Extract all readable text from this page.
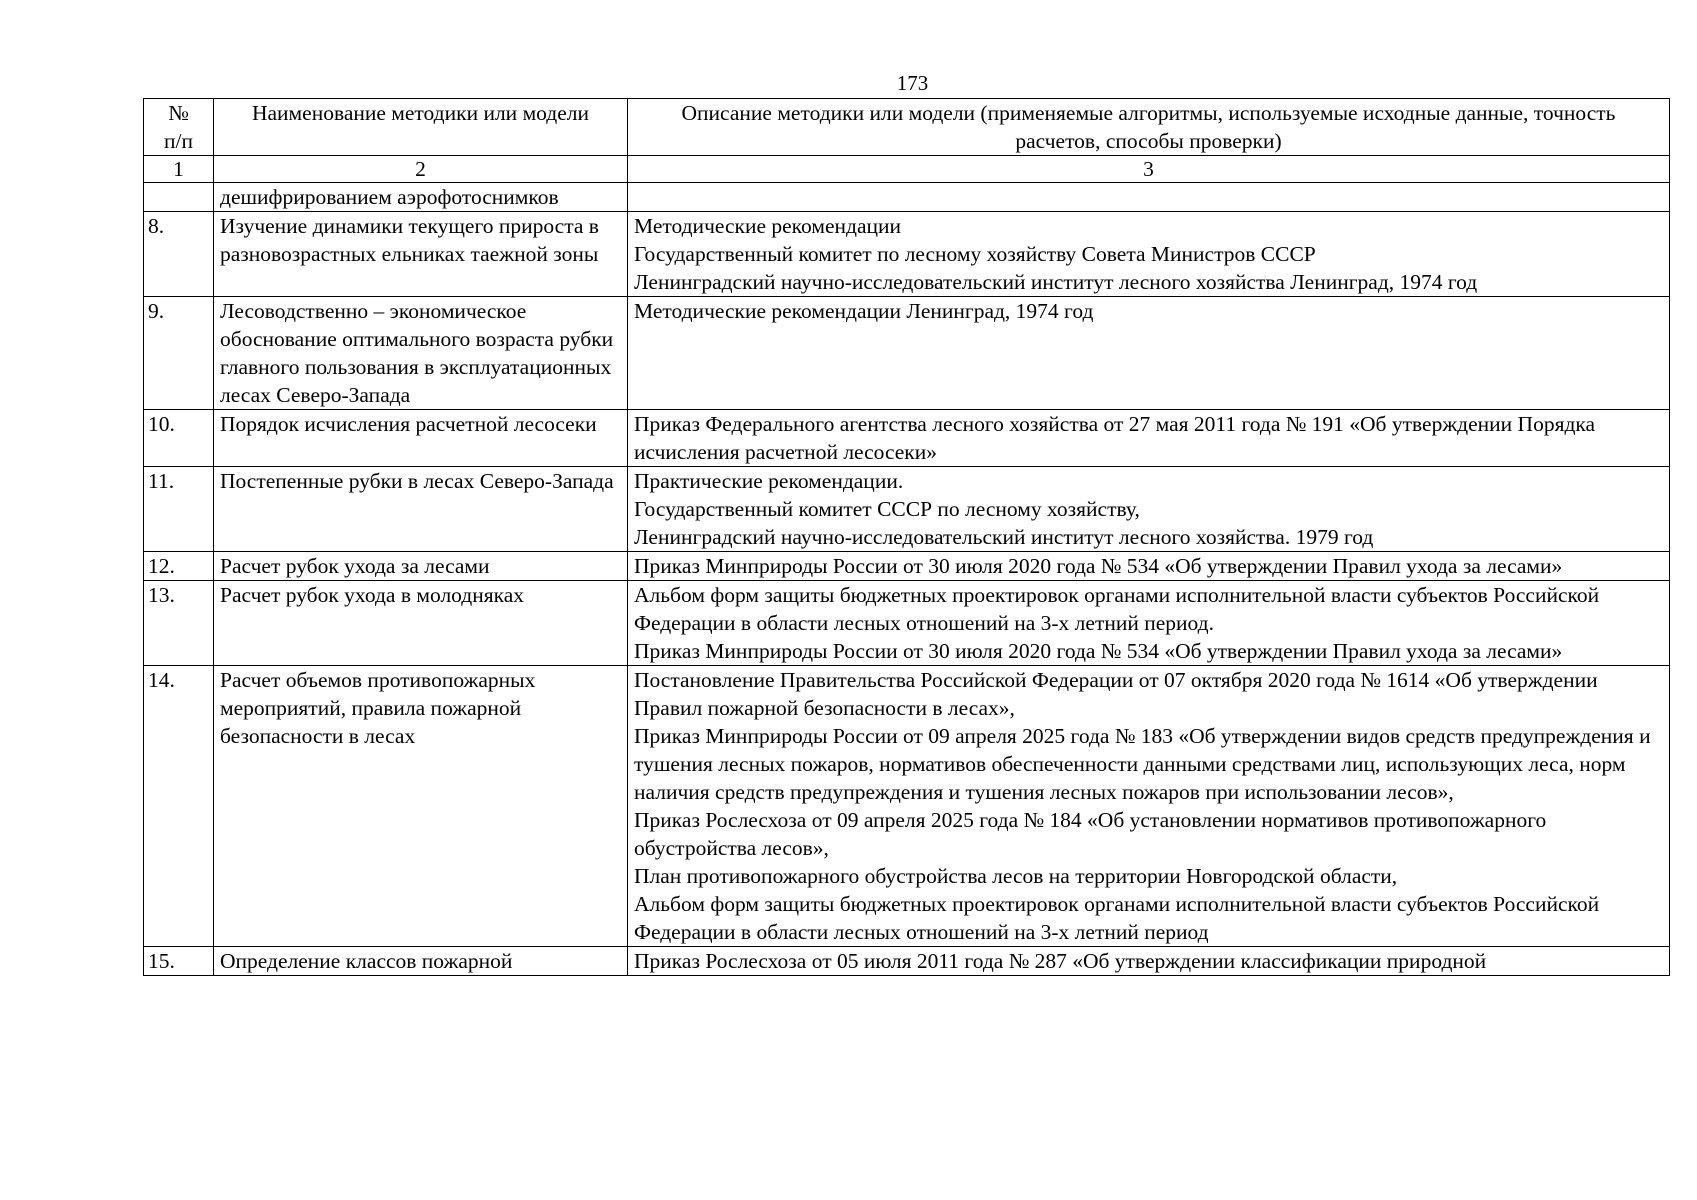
173
№ п/п	Наименование методики или модели	Описание методики или модели (применяемые алгоритмы, используемые исходные данные, точность расчетов, способы проверки)
1	2	3
	дешифрированием аэрофотоснимков	

8.	Изучение динамики текущего прироста в разновозрастных ельниках таежной зоны	Методические рекомендации
Государственный комитет по лесному хозяйству Совета Министров СССР
Ленинградский научно-исследовательский институт лесного хозяйства Ленинград, 1974 год

9.	Лесоводственно – экономическое обоснование оптимального возраста рубки главного пользования в эксплуатационных лесах Северо-Запада	Методические рекомендации Ленинград, 1974 год

10.	Порядок исчисления расчетной лесосеки	Приказ Федерального агентства лесного хозяйства от 27 мая 2011 года № 191 «Об утверждении Порядка исчисления расчетной лесосеки»

11.	Постепенные рубки в лесах Северо-Запада	Практические рекомендации.
Государственный комитет СССР по лесному хозяйству,
Ленинградский научно-исследовательский институт лесного хозяйства. 1979 год

12.	Расчет рубок ухода за лесами	Приказ Минприроды России от 30 июля 2020 года № 534 «Об утверждении Правил ухода за лесами»

13.	Расчет рубок ухода в молодняках	Альбом форм защиты бюджетных проектировок органами исполнительной власти субъектов Российской Федерации в области лесных отношений на 3-х летний период.
Приказ Минприроды России от 30 июля 2020 года № 534 «Об утверждении Правил ухода за лесами»

14.	Расчет объемов противопожарных мероприятий, правила пожарной безопасности в лесах	Постановление Правительства Российской Федерации от 07 октября 2020 года № 1614 «Об утверждении Правил пожарной безопасности в лесах»,
Приказ Минприроды России от 09 апреля 2025 года № 183 «Об утверждении видов средств предупреждения и тушения лесных пожаров, нормативов обеспеченности данными средствами лиц, использующих леса, норм наличия средств предупреждения и тушения лесных пожаров при использовании лесов»,
Приказ Рослесхоза от 09 апреля 2025 года № 184 «Об установлении нормативов противопожарного обустройства лесов»,
План противопожарного обустройства лесов на территории Новгородской области,
Альбом форм защиты бюджетных проектировок органами исполнительной власти субъектов Российской Федерации в области лесных отношений на 3-х летний период

15.	Определение классов пожарной	Приказ Рослесхоза от 05 июля 2011 года № 287 «Об утверждении классификации природной
